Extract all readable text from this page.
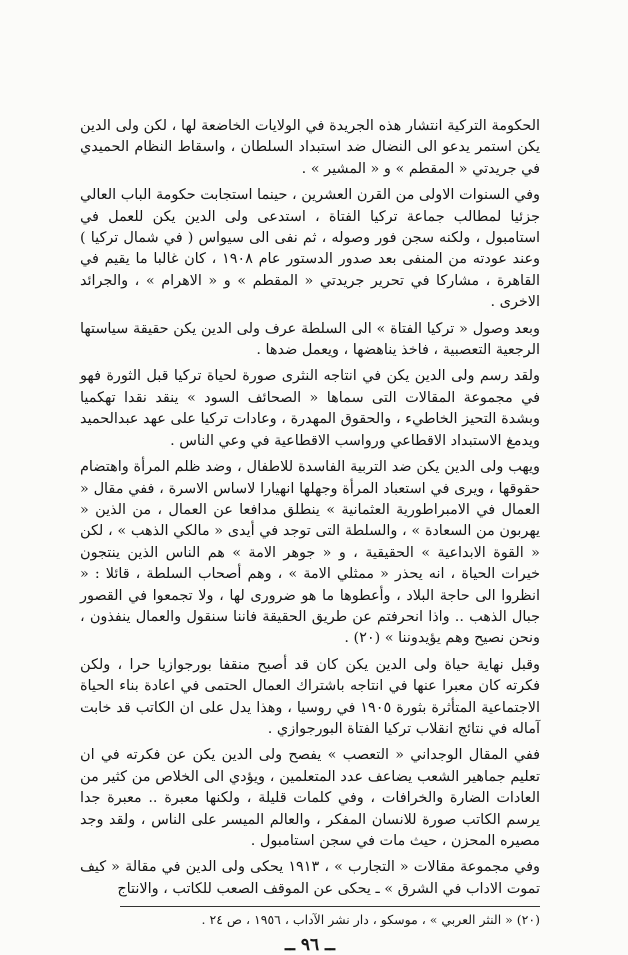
الحكومة التركية انتشار هذه الجريدة في الولايات الخاضعة لها ، لكن ولى الدين يكن استمر يدعو الى النضال ضد استبداد السلطان ، واسقاط النظام الحميدي في جريدتي « المقطم » و « المشير » .

وفي السنوات الاولى من القرن العشرين ، حينما استجابت حكومة الباب العالي جزئيا لمطالب جماعة تركيا الفتاة ، استدعى ولى الدين يكن للعمل في استامبول ، ولكنه سجن فور وصوله ، ثم نفى الى سيواس ( في شمال تركيا ) وعند عودته من المنفى بعد صدور الدستور عام ١٩٠٨ ، كان غالبا ما يقيم في القاهرة ، مشاركا في تحرير جريدتي « المقطم » و « الاهرام » ، والجرائد الاخرى .

وبعد وصول « تركيا الفتاة » الى السلطة عرف ولى الدين يكن حقيقة سياستها الرجعية التعصبية ، فاخذ يناهضها ، ويعمل ضدها .

ولقد رسم ولى الدين يكن في انتاجه النثرى صورة لحياة تركيا قبل الثورة فهو في مجموعة المقالات التى سماها « الصحائف السود » ينقد نقدا تهكميا وبشدة التحيز الخاطيء ، والحقوق المهدرة ، وعادات تركيا على عهد عبدالحميد ويدمغ الاستبداد الاقطاعي ورواسب الاقطاعية في وعي الناس .

ويهب ولى الدين يكن ضد التربية الفاسدة للاطفال ، وضد ظلم المرأة واهتضام حقوقها ، ويرى في استعباد المرأة وجهلها انهيارا لاساس الاسرة ، ففي مقال « العمال في الامبراطورية العثمانية » ينطلق مدافعا عن العمال ، من الذين « يهربون من السعادة » ، والسلطة التى توجد في أيدى « مالكي الذهب » ، لكن « القوة الابداعية » الحقيقية ، و « جوهر الامة » هم الناس الذين ينتجون خيرات الحياة ، انه يحذر « ممثلي الامة » ، وهم أصحاب السلطة ، قائلا : « انظروا الى حاجة البلاد ، وأعطوها ما هو ضرورى لها ، ولا تجمعوا في القصور جبال الذهب .. واذا انحرفتم عن طريق الحقيقة فاننا سنقول والعمال ينفذون ، ونحن نصيح وهم يؤيدوننا » (٢٠) .

وقبل نهاية حياة ولى الدين يكن كان قد أصبح منقفا بورجوازيا حرا ، ولكن فكرته كان معبرا عنها في انتاجه باشتراك العمال الحتمى في اعادة بناء الحياة الاجتماعية المتأثرة بثورة ١٩٠٥ في روسيا ، وهذا يدل على ان الكاتب قد خابت آماله في نتائج انقلاب تركيا الفتاة البورجوازي .

ففي المقال الوجداني « التعصب » يفصح ولى الدين يكن عن فكرته في ان تعليم جماهير الشعب يضاعف عدد المتعلمين ، ويؤدي الى الخلاص من كثير من العادات الضارة والخرافات ، وفي كلمات قليلة ، ولكنها معبرة .. معبرة جدا يرسم الكاتب صورة للانسان المفكر ، والعالم الميسر على الناس ، ولقد وجد مصيره المحزن ، حيث مات في سجن استامبول .

وفي مجموعة مقالات « التجارب » ، ١٩١٣ يحكى ولى الدين في مقالة « كيف تموت الاداب في الشرق » ـ يحكى عن الموقف الصعب للكاتب ، والانتاج

(٢٠) « النثر العربي » ، موسكو ، دار نشر الآداب ، ١٩٥٦ ، ص ٢٤ .

ــ ٩٦ ــ
